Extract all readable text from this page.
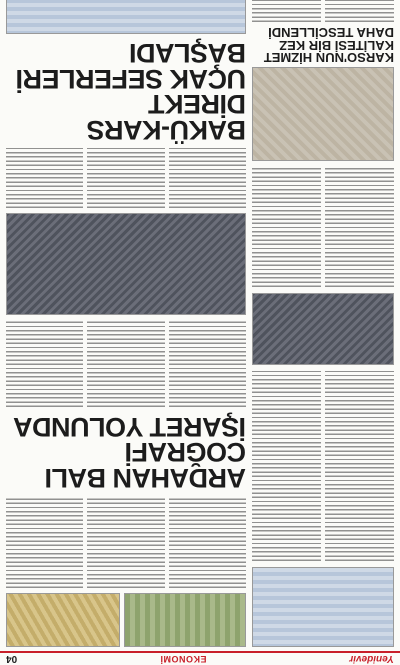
Yenidevir
EKONOMİ
04

KARSO'NUN HİZMET

KALİTESİ BİR KEZ

DAHA TESCİLLENDİ

ARDAHAN BALI COĞRAFİ

İŞARET YOLUNDA

BAKÜ-KARS DİREKT

UÇAK SEFERLERİ BAŞLADI
